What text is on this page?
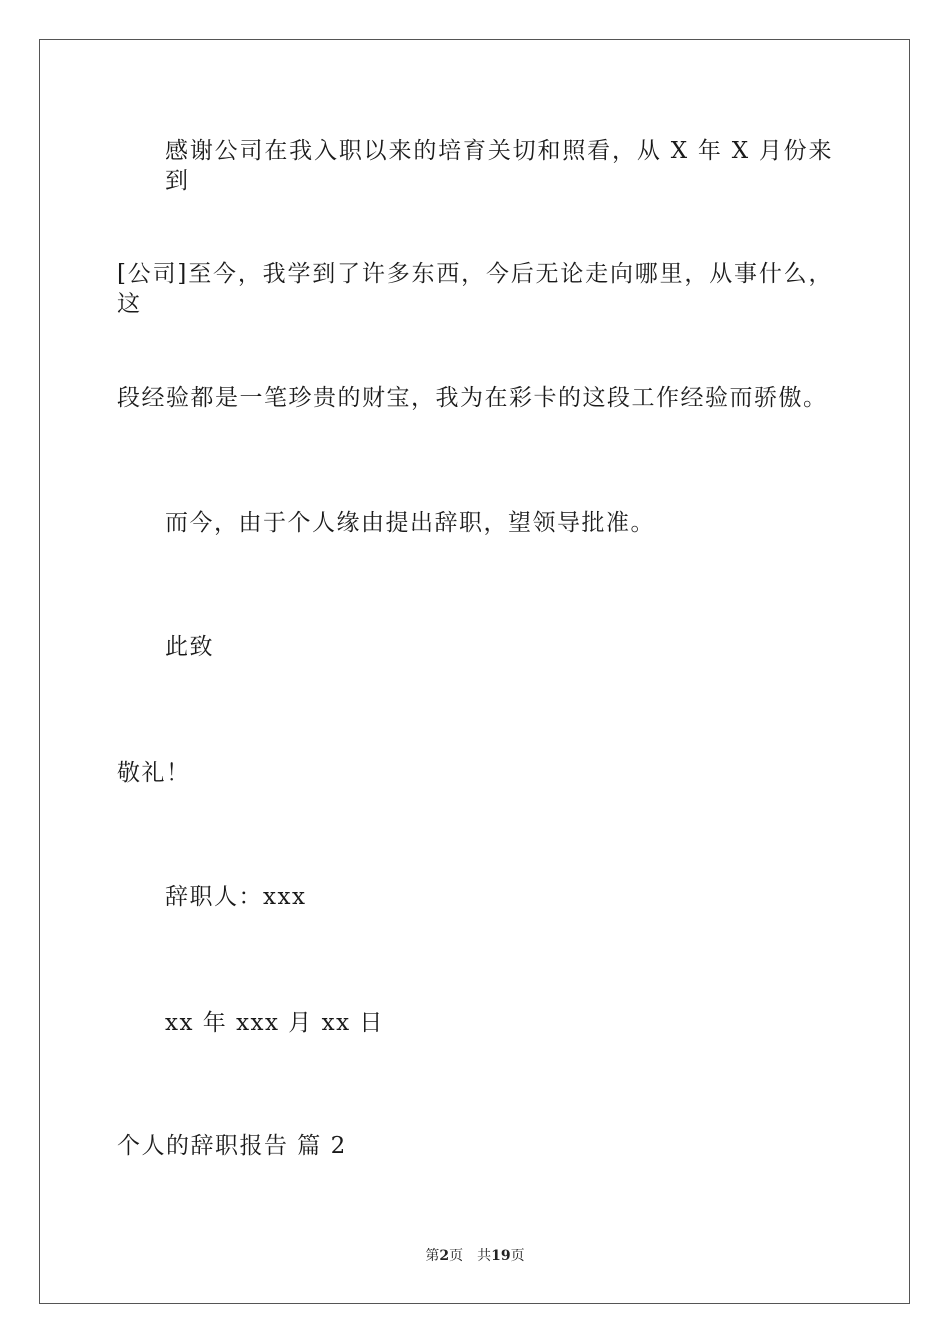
感谢公司在我入职以来的培育关切和照看，从 X 年 X 月份来到
[公司]至今，我学到了许多东西，今后无论走向哪里，从事什么，这
段经验都是一笔珍贵的财宝，我为在彩卡的这段工作经验而骄傲。
而今，由于个人缘由提出辞职，望领导批准。
此致
敬礼！
辞职人：xxx
xx 年 xxx 月 xx 日
个人的辞职报告 篇 2
第2页 共19页
